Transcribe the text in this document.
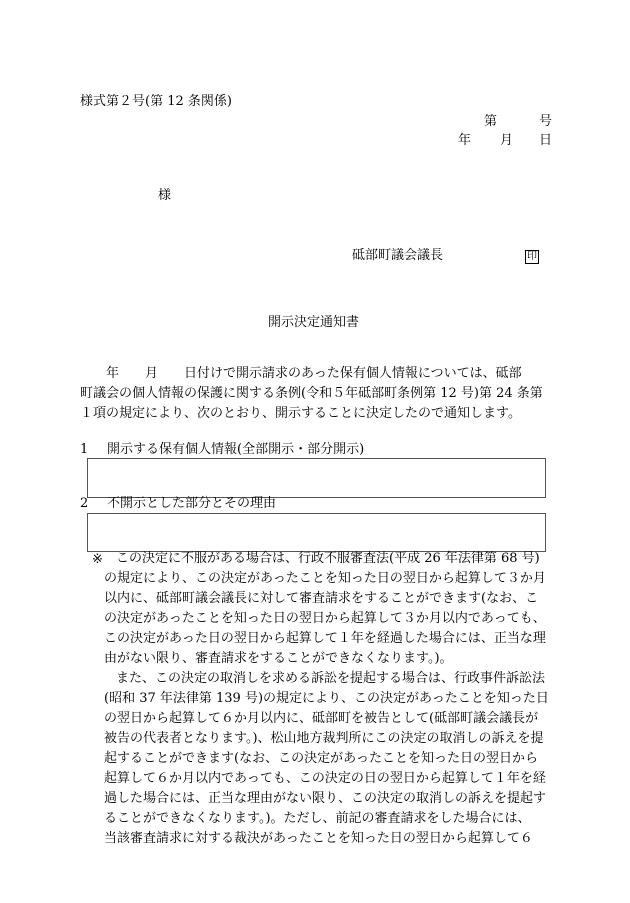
様式第２号(第 12 条関係)
第	号
年 月 日
様
砥部町議会議長	印
開示決定通知書
　　年　　月　　日付けで開示請求のあった保有個人情報については、砥部
町議会の個人情報の保護に関する条例(令和５年砥部町条例第 12 号)第 24 条第
１項の規定により、次のとおり、開示することに決定したので通知します。
1 開示する保有個人情報(全部開示・部分開示)
2 不開示とした部分とその理由
※ この決定に不服がある場合は、行政不服審査法(平成 26 年法律第 68 号)
の規定により、この決定があったことを知った日の翌日から起算して３か月
以内に、砥部町議会議長に対して審査請求をすることができます(なお、こ
の決定があったことを知った日の翌日から起算して３か月以内であっても、
この決定があった日の翌日から起算して１年を経過した場合には、正当な理
由がない限り、審査請求をすることができなくなります。)。
また、この決定の取消しを求める訴訟を提起する場合は、行政事件訴訟法
(昭和 37 年法律第 139 号)の規定により、この決定があったことを知った日
の翌日から起算して６か月以内に、砥部町を被告として(砥部町議会議長が
被告の代表者となります。)、松山地方裁判所にこの決定の取消しの訴えを提
起することができます(なお、この決定があったことを知った日の翌日から
起算して６か月以内であっても、この決定の日の翌日から起算して１年を経
過した場合には、正当な理由がない限り、この決定の取消しの訴えを提起す
ることができなくなります。)。ただし、前記の審査請求をした場合には、
当該審査請求に対する裁決があったことを知った日の翌日から起算して６
